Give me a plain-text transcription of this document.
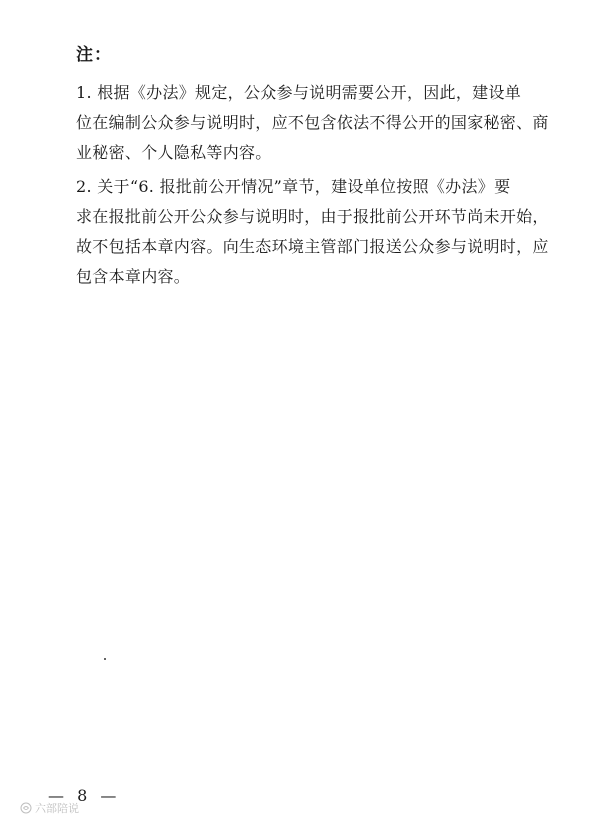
注：

1. 根据《办法》规定，公众参与说明需要公开，因此，建设单
位在编制公众参与说明时，应不包含依法不得公开的国家秘密、商
业秘密、个人隐私等内容。

2. 关于“6. 报批前公开情况”章节，建设单位按照《办法》要
求在报批前公开公众参与说明时，由于报批前公开环节尚未开始，
故不包括本章内容。向生态环境主管部门报送公众参与说明时，应
包含本章内容。

— 8 —
六部陪说
